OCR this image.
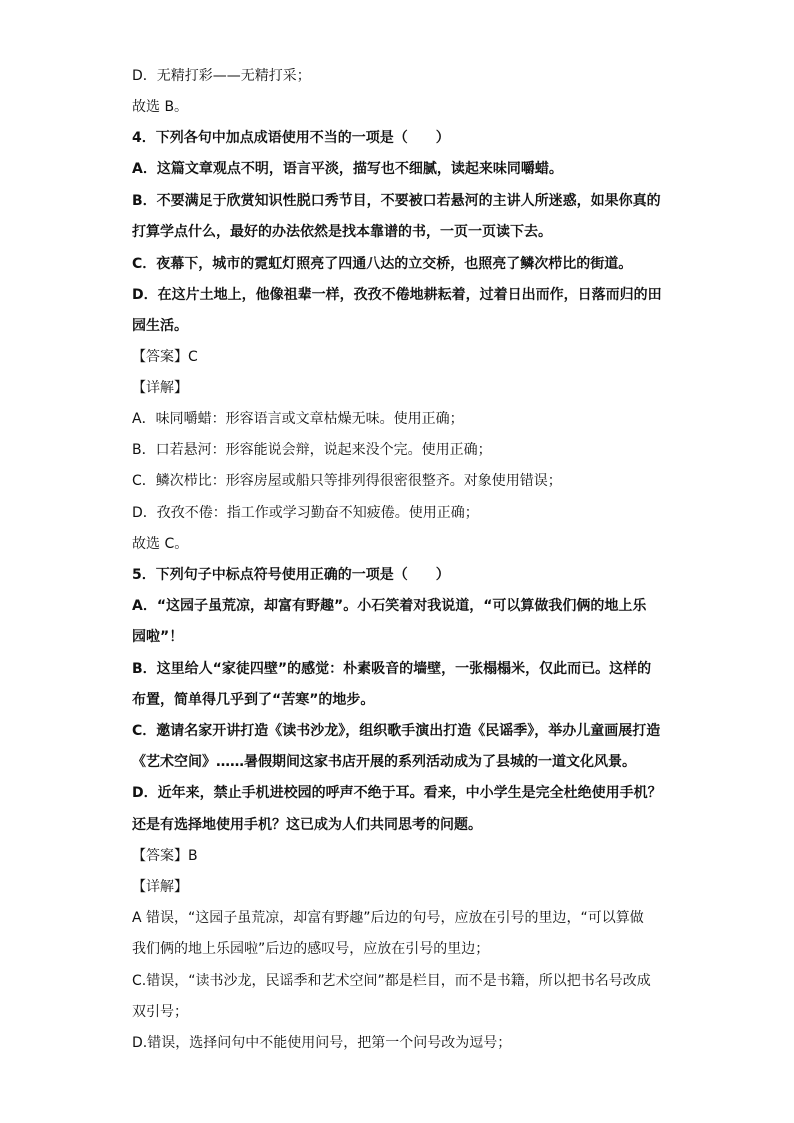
D．无精打彩——无精打采；

故选 B。

4．下列各句中加点成语使用不当的一项是（　　）

A．这篇文章观点不明，语言平淡，描写也不细腻，读起来味同嚼蜡。

B．不要满足于欣赏知识性脱口秀节目，不要被口若悬河的主讲人所迷惑，如果你真的

打算学点什么，最好的办法依然是找本靠谱的书，一页一页读下去。

C．夜幕下，城市的霓虹灯照亮了四通八达的立交桥，也照亮了鳞次栉比的街道。

D．在这片土地上，他像祖辈一样，孜孜不倦地耕耘着，过着日出而作，日落而归的田

园生活。

【答案】C

【详解】

A．味同嚼蜡：形容语言或文章枯燥无味。使用正确；

B．口若悬河：形容能说会辩，说起来没个完。使用正确；

C．鳞次栉比：形容房屋或船只等排列得很密很整齐。对象使用错误；

D．孜孜不倦：指工作或学习勤奋不知疲倦。使用正确；

故选 C。

5．下列句子中标点符号使用正确的一项是（　　）

A．“这园子虽荒凉，却富有野趣”。小石笑着对我说道，“可以算做我们俩的地上乐

园啦”！

B．这里给人“家徒四壁”的感觉：朴素吸音的墙壁，一张榻榻米，仅此而已。这样的

布置，简单得几乎到了“苦寒”的地步。

C．邀请名家开讲打造《读书沙龙》，组织歌手演出打造《民谣季》，举办儿童画展打造

《艺术空间》……暑假期间这家书店开展的系列活动成为了县城的一道文化风景。

D．近年来，禁止手机进校园的呼声不绝于耳。看来，中小学生是完全杜绝使用手机？

还是有选择地使用手机？这已成为人们共同思考的问题。

【答案】B

【详解】

A 错误，“这园子虽荒凉，却富有野趣”后边的句号，应放在引号的里边，“可以算做

我们俩的地上乐园啦”后边的感叹号，应放在引号的里边；

C.错误，“读书沙龙，民谣季和艺术空间”都是栏目，而不是书籍，所以把书名号改成

双引号；

D.错误，选择问句中不能使用问号，把第一个问号改为逗号；
